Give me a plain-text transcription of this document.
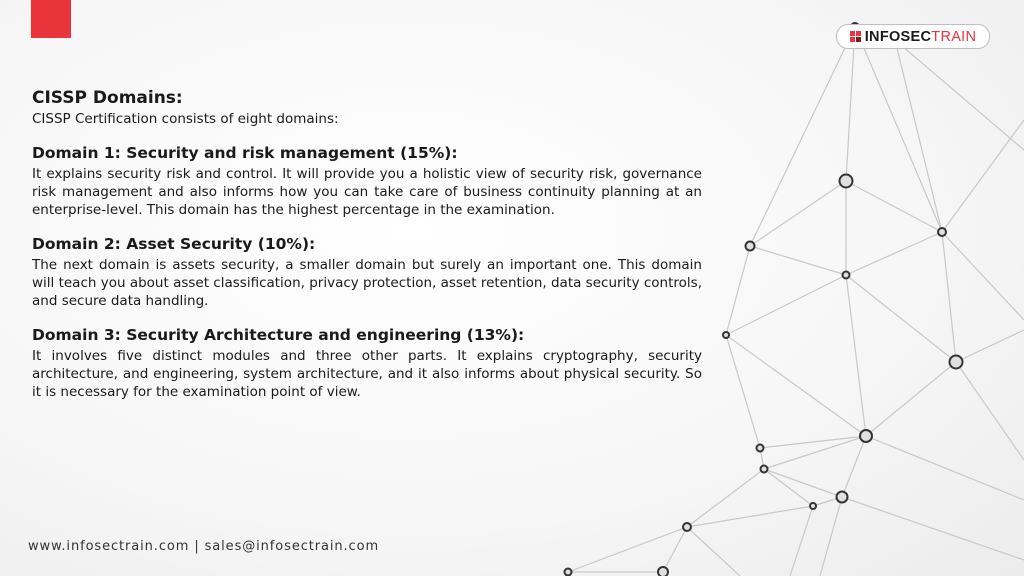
INFOSECTRAIN
CISSP Domains:

CISSP Certification consists of eight domains:

Domain 1: Security and risk management (15%):

It explains security risk and control. It will provide you a holistic view of security risk, governance risk management and also informs how you can take care of business continuity planning at an enterprise-level. This domain has the highest percentage in the examination.

Domain 2: Asset Security (10%):

The next domain is assets security, a smaller domain but surely an important one. This domain will teach you about asset classification, privacy protection, asset retention, data security controls, and secure data handling.

Domain 3: Security Architecture and engineering (13%):

It involves five distinct modules and three other parts. It explains cryptography, security architecture, and engineering, system architecture, and it also informs about physical security. So it is necessary for the examination point of view.

www.infosectrain.com | sales@infosectrain.com
